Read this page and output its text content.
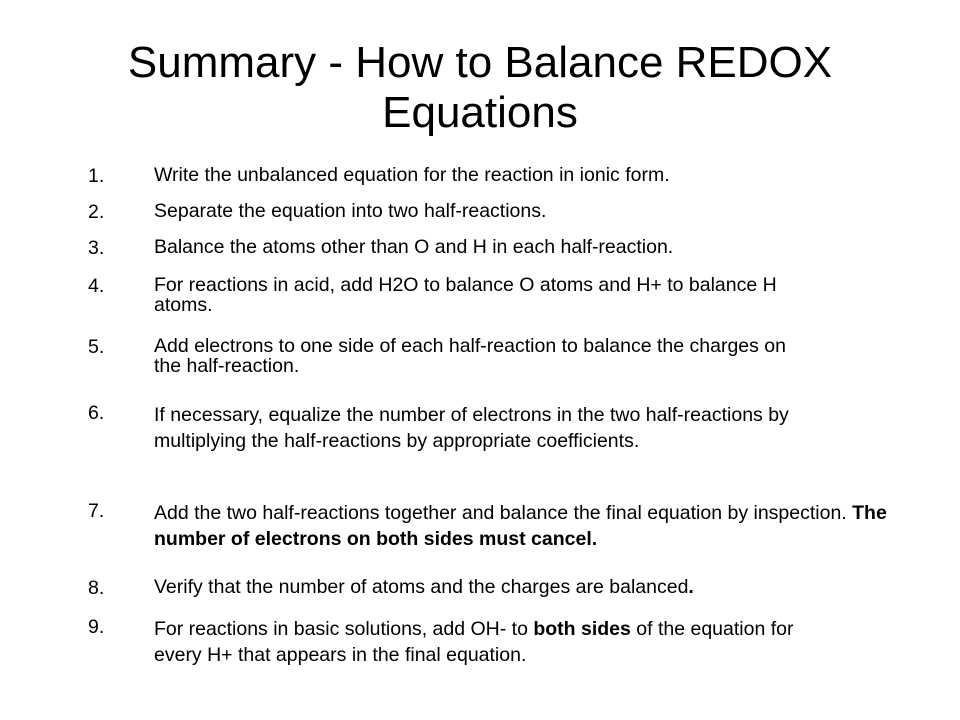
Summary - How to Balance REDOX Equations
1.	Write the unbalanced equation for the reaction in ionic form.
2.	Separate the equation into two half-reactions.
3.	Balance the atoms other than O and H in each half-reaction.
4.	For reactions in acid, add H2O to balance O atoms and H+ to balance H atoms.
5.	Add electrons to one side of each half-reaction to balance the charges on the half-reaction.
6.	If necessary, equalize the number of electrons in the two half-reactions by multiplying the half-reactions by appropriate coefficients.
7.	Add the two half-reactions together and balance the final equation by inspection. The number of electrons on both sides must cancel.
8.	Verify that the number of atoms and the charges are balanced.
9.	For reactions in basic solutions, add OH- to both sides of the equation for every H+ that appears in the final equation.
